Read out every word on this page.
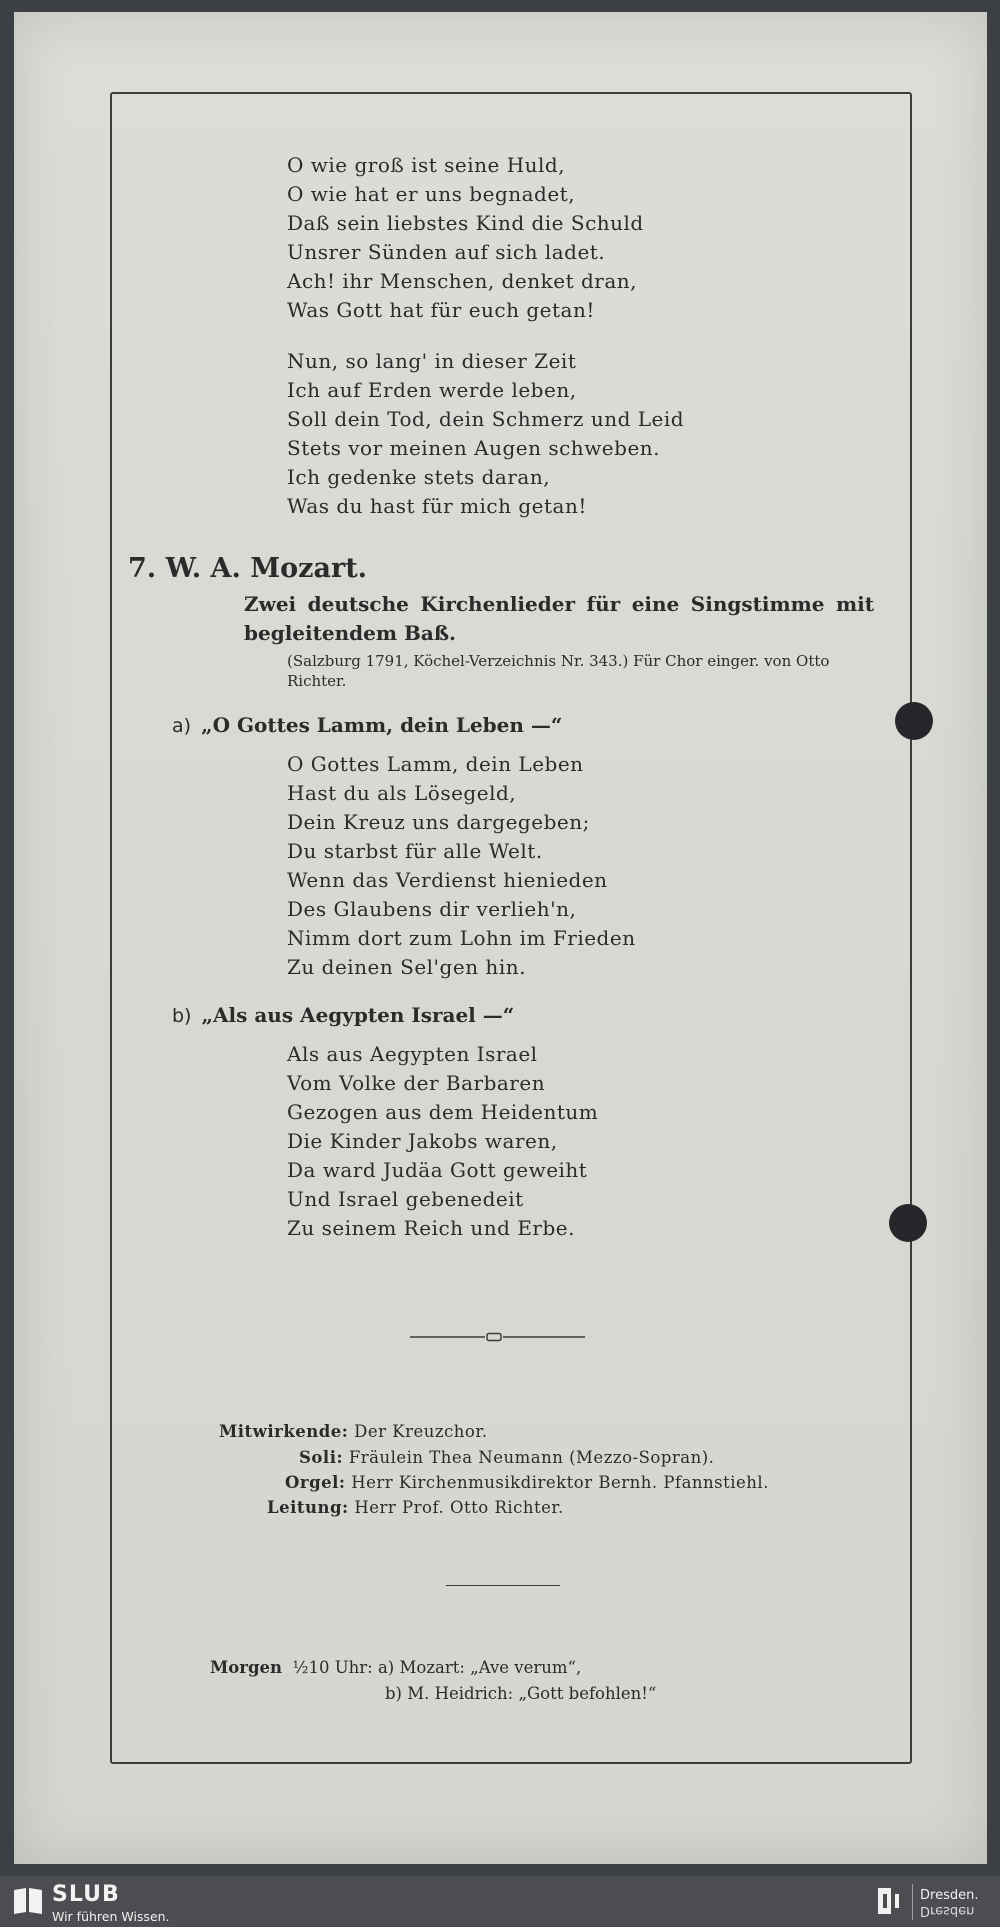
O wie groß ist seine Huld,
O wie hat er uns begnadet,
Daß sein liebstes Kind die Schuld
Unsrer Sünden auf sich ladet.
Ach! ihr Menschen, denket dran,
Was Gott hat für euch getan!
Nun, so lang' in dieser Zeit
Ich auf Erden werde leben,
Soll dein Tod, dein Schmerz und Leid
Stets vor meinen Augen schweben.
Ich gedenke stets daran,
Was du hast für mich getan!
7. W. A. Mozart.
Zwei deutsche Kirchenlieder für eine Singstimme mit begleitendem Baß.
(Salzburg 1791, Köchel-Verzeichnis Nr. 343.) Für Chor einger. von Otto Richter.
a) „O Gottes Lamm, dein Leben —“
O Gottes Lamm, dein Leben
Hast du als Lösegeld,
Dein Kreuz uns dargegeben;
Du starbst für alle Welt.
Wenn das Verdienst hienieden
Des Glaubens dir verlieh'n,
Nimm dort zum Lohn im Frieden
Zu deinen Sel'gen hin.
b) „Als aus Aegypten Israel —“
Als aus Aegypten Israel
Vom Volke der Barbaren
Gezogen aus dem Heidentum
Die Kinder Jakobs waren,
Da ward Judäa Gott geweiht
Und Israel gebenedeit
Zu seinem Reich und Erbe.
Mitwirkende: Der Kreuzchor.
Soli: Fräulein Thea Neumann (Mezzo-Sopran).
Orgel: Herr Kirchenmusikdirektor Bernh. Pfannstiehl.
Leitung: Herr Prof. Otto Richter.
Morgen ½10 Uhr: a) Mozart: „Ave verum“,
b) M. Heidrich: „Gott befohlen!“
SLUB
Wir führen Wissen.
Dresden.
Dresden
